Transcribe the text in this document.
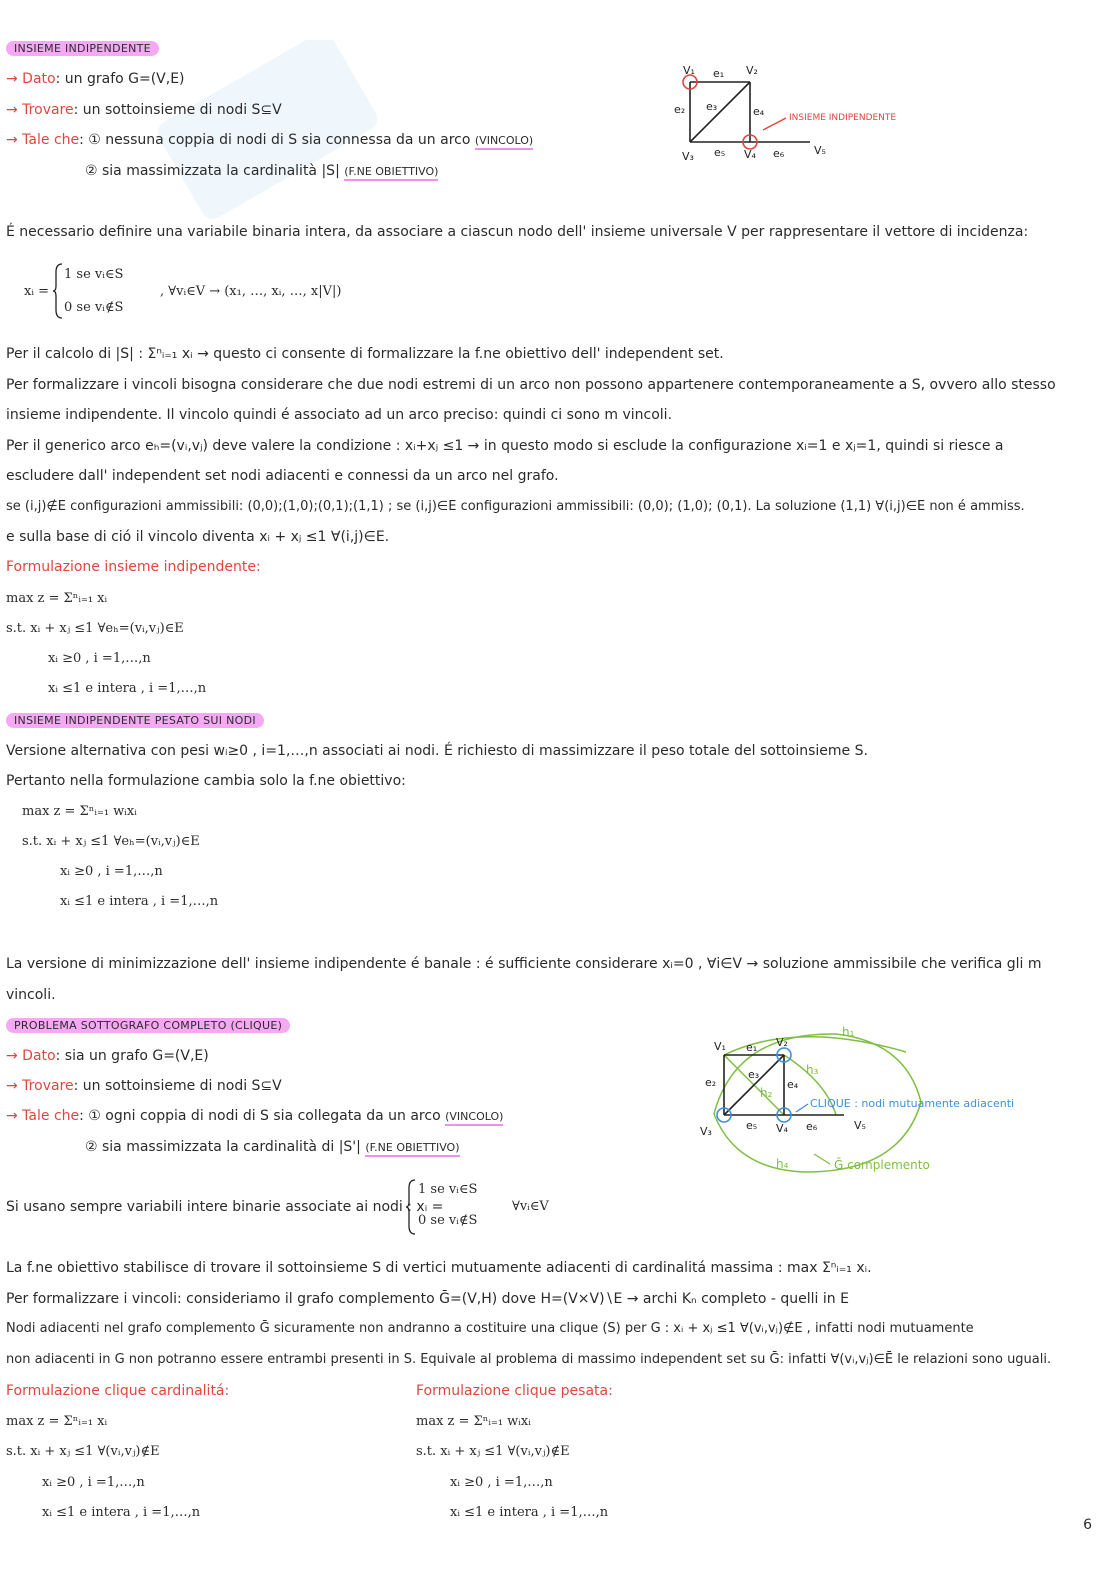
INSIEME INDIPENDENTE
→ Dato: un grafo G=(V,E)
→ Trovare: un sottoinsieme di nodi S⊆V
→ Tale che: ① nessuna coppia di nodi di S sia connessa da un arco (VINCOLO)
② sia massimizzata la cardinalità |S| (F.NE OBIETTIVO)
V₁	V₂
V₃	V₄	V₅
e₁
e₂ e₃	e₄
e₅	e₆
INSIEME INDIPENDENTE
É necessario definire una variabile binaria intera, da associare a ciascun nodo dell' insieme universale V per rappresentare il vettore di incidenza:
xᵢ =
1 se vᵢ∈S
0 se vᵢ∉S
, ∀vᵢ∈V → (x₁, …, xᵢ, …, x|V|)
Per il calcolo di |S| : Σⁿᵢ₌₁ xᵢ → questo ci consente di formalizzare la f.ne obiettivo dell' independent set.
Per formalizzare i vincoli bisogna considerare che due nodi estremi di un arco non possono appartenere contemporaneamente a S, ovvero allo stesso
insieme indipendente. Il vincolo quindi é associato ad un arco preciso: quindi ci sono m vincoli.
Per il generico arco eₕ=(vᵢ,vⱼ) deve valere la condizione : xᵢ+xⱼ ≤1 → in questo modo si esclude la configurazione xᵢ=1 e xⱼ=1, quindi si riesce a
escludere dall' independent set nodi adiacenti e connessi da un arco nel grafo.
se (i,j)∉E configurazioni ammissibili: (0,0);(1,0);(0,1);(1,1) ; se (i,j)∈E configurazioni ammissibili: (0,0); (1,0); (0,1). La soluzione (1,1) ∀(i,j)∈E non é ammiss.
e sulla base di ció il vincolo diventa xᵢ + xⱼ ≤1 ∀(i,j)∈E.
Formulazione insieme indipendente:
max z = Σⁿᵢ₌₁ xᵢ
s.t. xᵢ + xⱼ ≤1 ∀eₕ=(vᵢ,vⱼ)∈E
xᵢ ≥0 , i =1,…,n
xᵢ ≤1 e intera , i =1,…,n
INSIEME INDIPENDENTE PESATO SUI NODI
Versione alternativa con pesi wᵢ≥0 , i=1,…,n associati ai nodi. É richiesto di massimizzare il peso totale del sottoinsieme S.
Pertanto nella formulazione cambia solo la f.ne obiettivo:
max z = Σⁿᵢ₌₁ wᵢxᵢ
s.t. xᵢ + xⱼ ≤1 ∀eₕ=(vᵢ,vⱼ)∈E
xᵢ ≥0 , i =1,…,n
xᵢ ≤1 e intera , i =1,…,n
La versione di minimizzazione dell' insieme indipendente é banale : é sufficiente considerare xᵢ=0 , ∀i∈V → soluzione ammissibile che verifica gli m
vincoli.
PROBLEMA SOTTOGRAFO COMPLETO (CLIQUE)
→ Dato: sia un grafo G=(V,E)
→ Trovare: un sottoinsieme di nodi S⊆V
→ Tale che: ① ogni coppia di nodi di S sia collegata da un arco (VINCOLO)
② sia massimizzata la cardinalità di |S'| (F.NE OBIETTIVO)
V₁	V₂
V₃	V₄	V₅
e₁
e₂
e₃
e₄
e₅	e₆
h₁
h₂
h₃
h₄
CLIQUE : nodi mutuamente adiacenti
Ḡ complemento
Si usano sempre variabili intere binarie associate ai nodi : xᵢ =
1 se vᵢ∈S
0 se vᵢ∉S
∀vᵢ∈V
La f.ne obiettivo stabilisce di trovare il sottoinsieme S di vertici mutuamente adiacenti di cardinalitá massima : max Σⁿᵢ₌₁ xᵢ.
Per formalizzare i vincoli: consideriamo il grafo complemento Ḡ=(V,H) dove H=(V×V)∖E → archi Kₙ completo - quelli in E
Nodi adiacenti nel grafo complemento Ḡ sicuramente non andranno a costituire una clique (S) per G : xᵢ + xⱼ ≤1 ∀(vᵢ,vⱼ)∉E , infatti nodi mutuamente
non adiacenti in G non potranno essere entrambi presenti in S. Equivale al problema di massimo independent set su Ḡ: infatti ∀(vᵢ,vⱼ)∈Ē le relazioni sono uguali.
Formulazione clique cardinalitá:
max z = Σⁿᵢ₌₁ xᵢ
s.t. xᵢ + xⱼ ≤1 ∀(vᵢ,vⱼ)∉E
xᵢ ≥0 , i =1,…,n
xᵢ ≤1 e intera , i =1,…,n
Formulazione clique pesata:
max z = Σⁿᵢ₌₁ wᵢxᵢ
s.t. xᵢ + xⱼ ≤1 ∀(vᵢ,vⱼ)∉E
xᵢ ≥0 , i =1,…,n
xᵢ ≤1 e intera , i =1,…,n
6
